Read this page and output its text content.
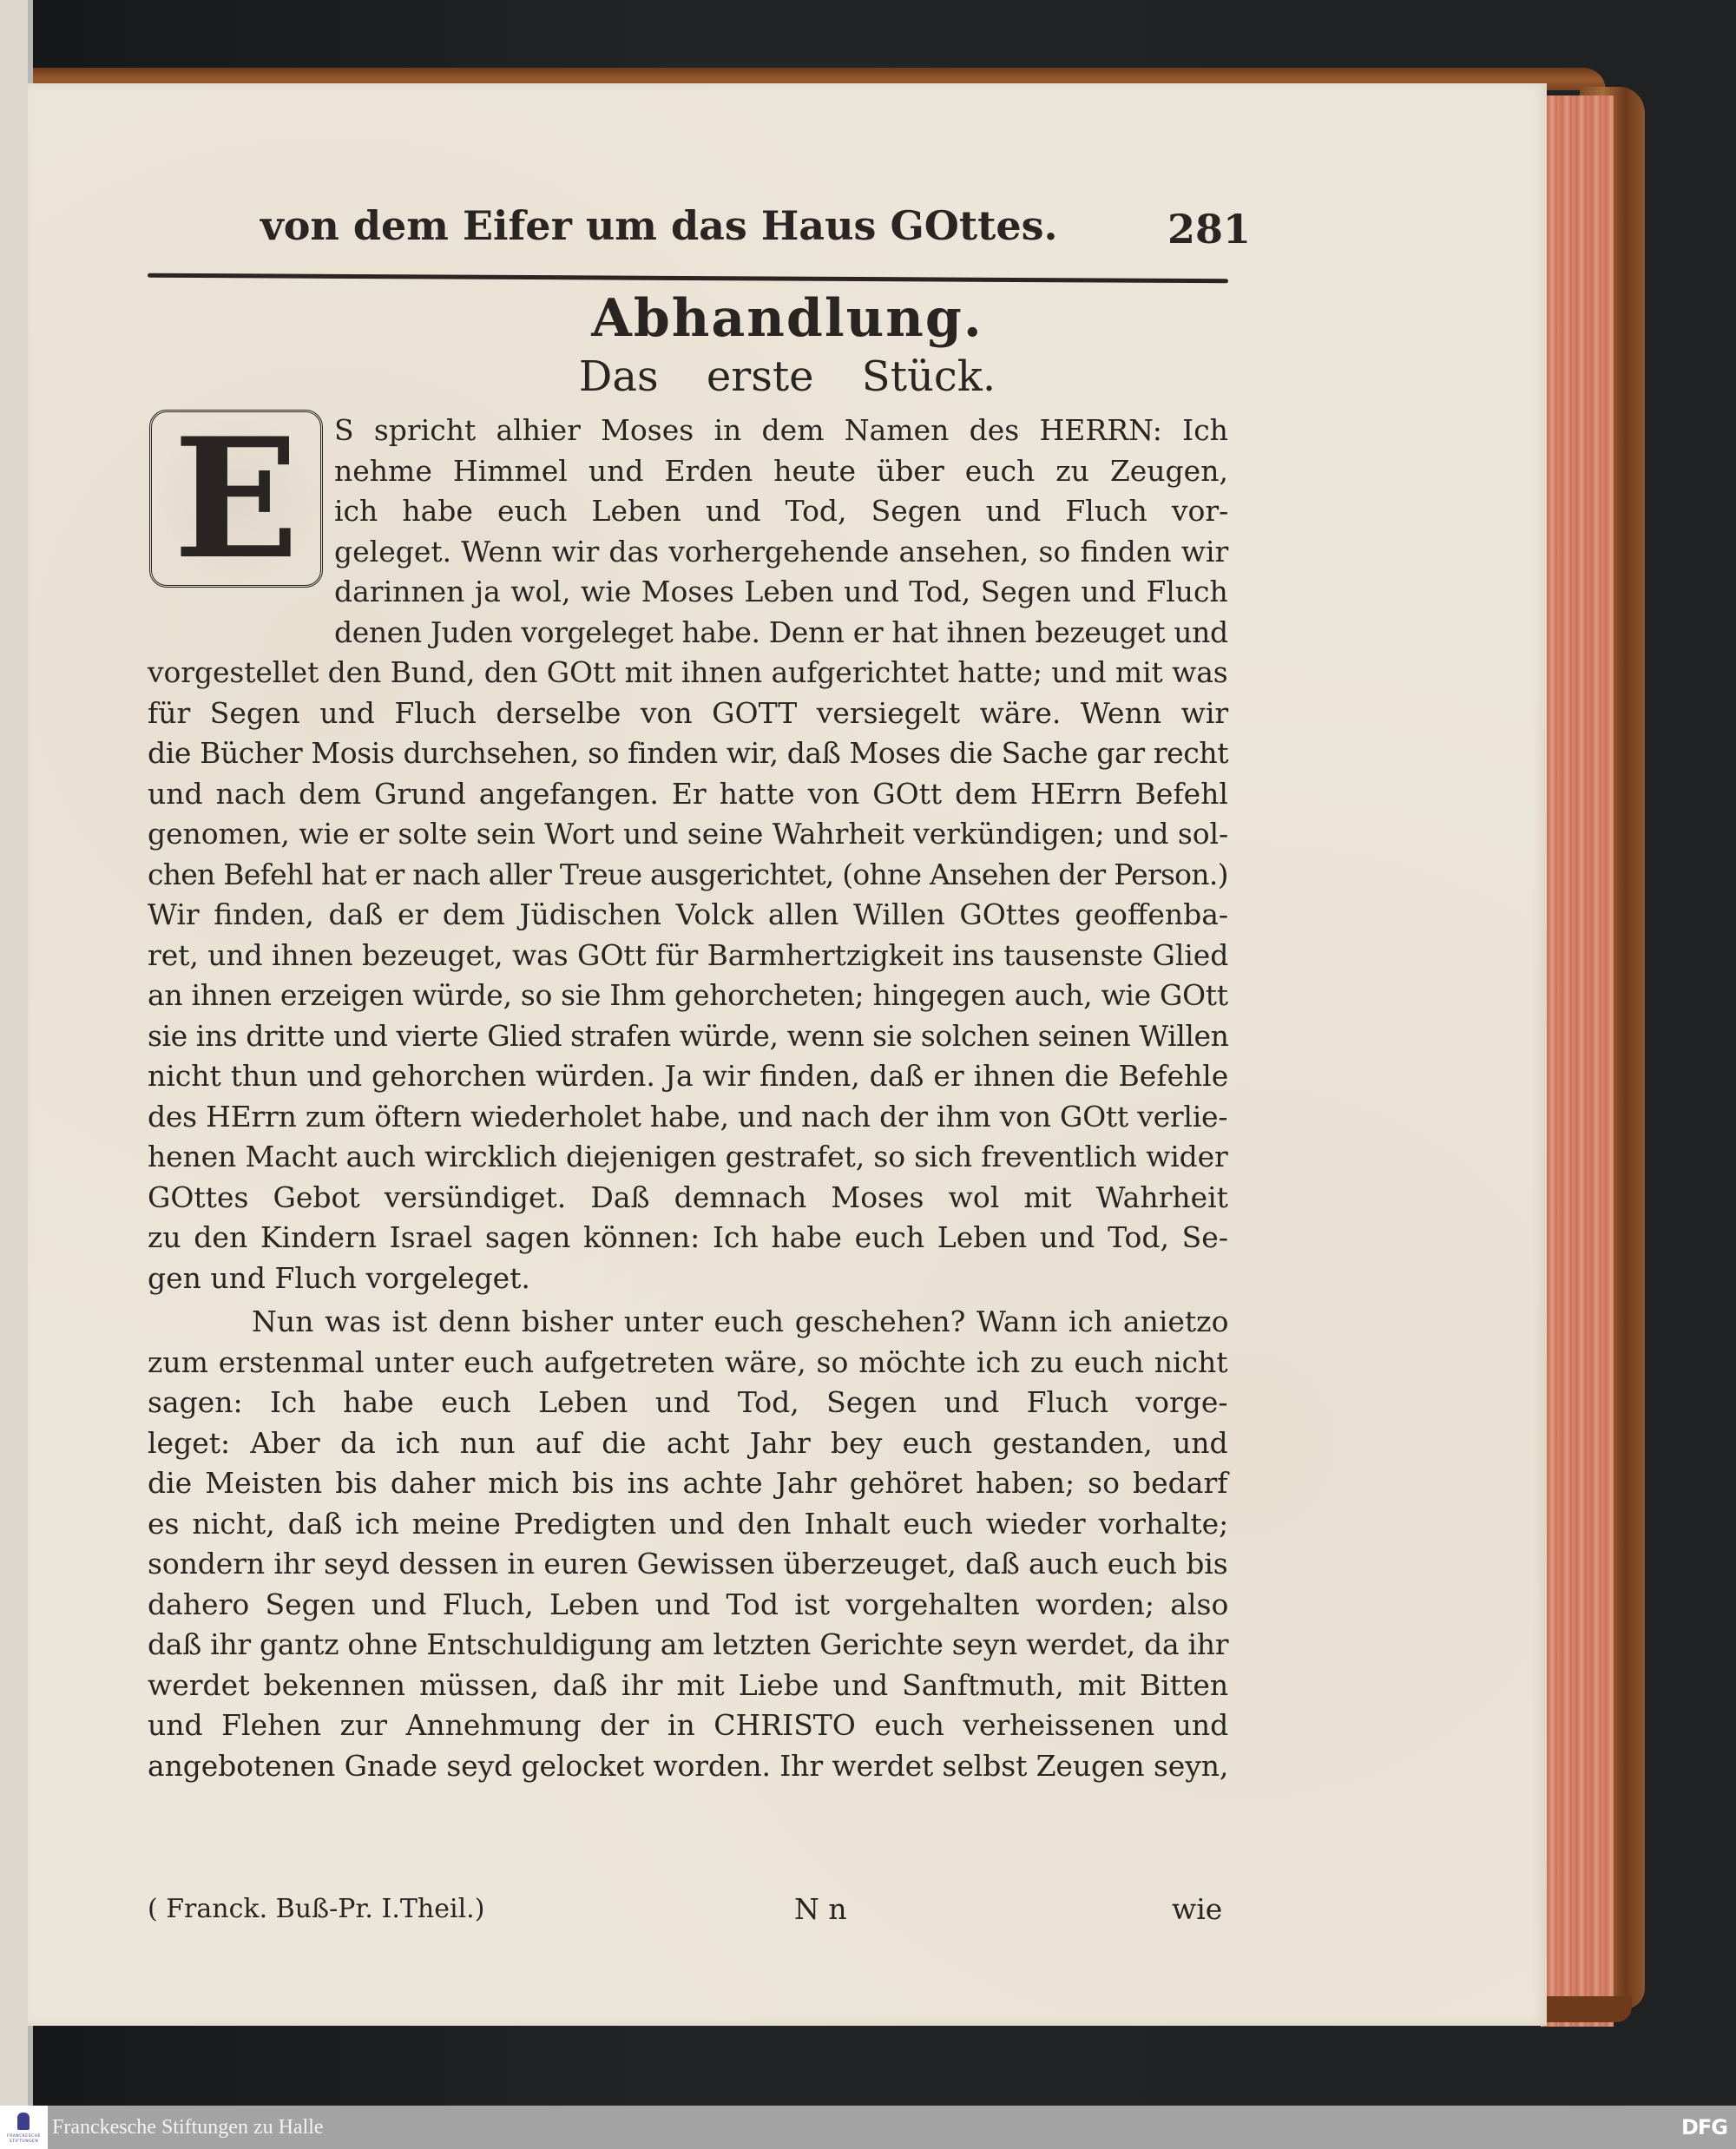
von dem Eifer um das Haus GOttes.	281
Abhandlung.
Das erste Stück.
E	S spricht alhier Moses in dem Namen des HERRN: Ich
nehme Himmel und Erden heute über euch zu Zeugen,
ich habe euch Leben und Tod, Segen und Fluch vor-
geleget. Wenn wir das vorhergehende ansehen, so finden wir
darinnen ja wol, wie Moses Leben und Tod, Segen und Fluch
denen Juden vorgeleget habe. Denn er hat ihnen bezeuget und
vorgestellet den Bund, den GOtt mit ihnen aufgerichtet hatte; und mit was
für Segen und Fluch derselbe von GOTT versiegelt wäre. Wenn wir
die Bücher Mosis durchsehen, so finden wir, daß Moses die Sache gar recht
und nach dem Grund angefangen. Er hatte von GOtt dem HErrn Befehl
genomen, wie er solte sein Wort und seine Wahrheit verkündigen; und sol-
chen Befehl hat er nach aller Treue ausgerichtet, (ohne Ansehen der Person.)
Wir finden, daß er dem Jüdischen Volck allen Willen GOttes geoffenba-
ret, und ihnen bezeuget, was GOtt für Barmhertzigkeit ins tausenste Glied
an ihnen erzeigen würde, so sie Ihm gehorcheten; hingegen auch, wie GOtt
sie ins dritte und vierte Glied strafen würde, wenn sie solchen seinen Willen
nicht thun und gehorchen würden. Ja wir finden, daß er ihnen die Befehle
des HErrn zum öftern wiederholet habe, und nach der ihm von GOtt verlie-
henen Macht auch wircklich diejenigen gestrafet, so sich freventlich wider
GOttes Gebot versündiget. Daß demnach Moses wol mit Wahrheit
zu den Kindern Israel sagen können: Ich habe euch Leben und Tod, Se-
gen und Fluch vorgeleget.
Nun was ist denn bisher unter euch geschehen? Wann ich anietzo
zum erstenmal unter euch aufgetreten wäre, so möchte ich zu euch nicht
sagen: Ich habe euch Leben und Tod, Segen und Fluch vorge-
leget: Aber da ich nun auf die acht Jahr bey euch gestanden, und
die Meisten bis daher mich bis ins achte Jahr gehöret haben; so bedarf
es nicht, daß ich meine Predigten und den Inhalt euch wieder vorhalte;
sondern ihr seyd dessen in euren Gewissen überzeuget, daß auch euch bis
dahero Segen und Fluch, Leben und Tod ist vorgehalten worden; also
daß ihr gantz ohne Entschuldigung am letzten Gerichte seyn werdet, da ihr
werdet bekennen müssen, daß ihr mit Liebe und Sanftmuth, mit Bitten
und Flehen zur Annehmung der in CHRISTO euch verheissenen und
angebotenen Gnade seyd gelocket worden. Ihr werdet selbst Zeugen seyn,
( Franck. Buß-Pr. I.Theil.)	N n	wie
FRANCKESCHE STIFTUNGEN
Franckesche Stiftungen zu Halle	DFG
